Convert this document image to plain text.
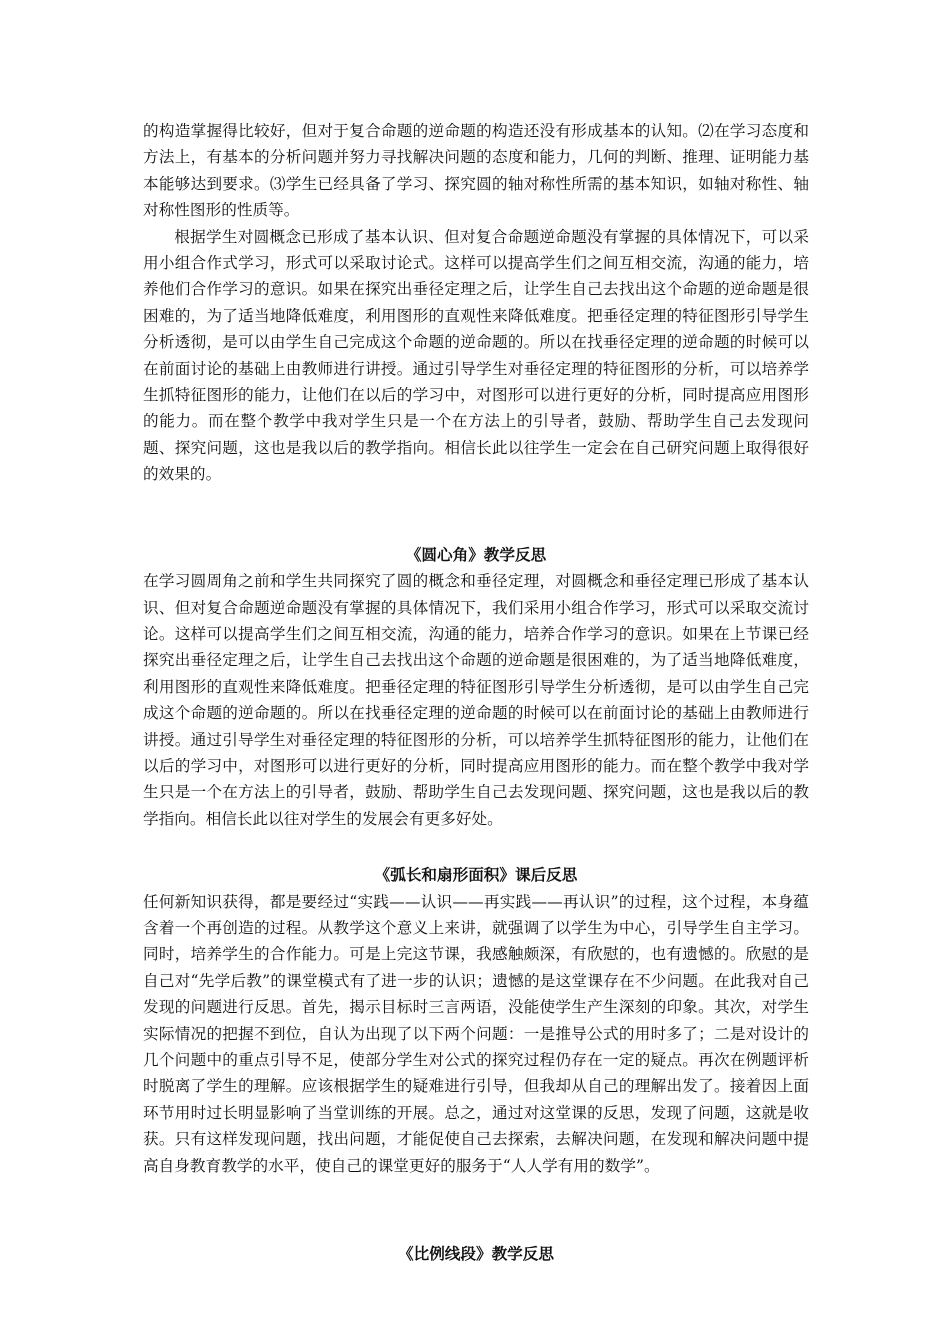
的构造掌握得比较好，但对于复合命题的逆命题的构造还没有形成基本的认知。⑵在学习态度和方法上，有基本的分析问题并努力寻找解决问题的态度和能力，几何的判断、推理、证明能力基本能够达到要求。⑶学生已经具备了学习、探究圆的轴对称性所需的基本知识，如轴对称性、轴对称性图形的性质等。

根据学生对圆概念已形成了基本认识、但对复合命题逆命题没有掌握的具体情况下，可以采用小组合作式学习，形式可以采取讨论式。这样可以提高学生们之间互相交流，沟通的能力，培养他们合作学习的意识。如果在探究出垂径定理之后，让学生自己去找出这个命题的逆命题是很困难的，为了适当地降低难度，利用图形的直观性来降低难度。把垂径定理的特征图形引导学生分析透彻，是可以由学生自己完成这个命题的逆命题的。所以在找垂径定理的逆命题的时候可以在前面讨论的基础上由教师进行讲授。通过引导学生对垂径定理的特征图形的分析，可以培养学生抓特征图形的能力，让他们在以后的学习中，对图形可以进行更好的分析，同时提高应用图形的能力。而在整个教学中我对学生只是一个在方法上的引导者，鼓励、帮助学生自己去发现问题、探究问题，这也是我以后的教学指向。相信长此以往学生一定会在自己研究问题上取得很好的效果的。

《圆心角》教学反思

在学习圆周角之前和学生共同探究了圆的概念和垂径定理，对圆概念和垂径定理已形成了基本认识、但对复合命题逆命题没有掌握的具体情况下，我们采用小组合作学习，形式可以采取交流讨论。这样可以提高学生们之间互相交流，沟通的能力，培养合作学习的意识。如果在上节课已经探究出垂径定理之后，让学生自己去找出这个命题的逆命题是很困难的，为了适当地降低难度，利用图形的直观性来降低难度。把垂径定理的特征图形引导学生分析透彻，是可以由学生自己完成这个命题的逆命题的。所以在找垂径定理的逆命题的时候可以在前面讨论的基础上由教师进行讲授。通过引导学生对垂径定理的特征图形的分析，可以培养学生抓特征图形的能力，让他们在以后的学习中，对图形可以进行更好的分析，同时提高应用图形的能力。而在整个教学中我对学生只是一个在方法上的引导者，鼓励、帮助学生自己去发现问题、探究问题，这也是我以后的教学指向。相信长此以往对学生的发展会有更多好处。

《弧长和扇形面积》课后反思

任何新知识获得，都是要经过“实践——认识——再实践——再认识”的过程，这个过程，本身蕴含着一个再创造的过程。从教学这个意义上来讲，就强调了以学生为中心，引导学生自主学习。同时，培养学生的合作能力。可是上完这节课，我感触颇深，有欣慰的，也有遗憾的。欣慰的是自己对“先学后教”的课堂模式有了进一步的认识；遗憾的是这堂课存在不少问题。在此我对自己发现的问题进行反思。首先，揭示目标时三言两语，没能使学生产生深刻的印象。其次，对学生实际情况的把握不到位，自认为出现了以下两个问题：一是推导公式的用时多了；二是对设计的几个问题中的重点引导不足，使部分学生对公式的探究过程仍存在一定的疑点。再次在例题评析时脱离了学生的理解。应该根据学生的疑难进行引导，但我却从自己的理解出发了。接着因上面环节用时过长明显影响了当堂训练的开展。总之，通过对这堂课的反思，发现了问题，这就是收获。只有这样发现问题，找出问题，才能促使自己去探索，去解决问题，在发现和解决问题中提高自身教育教学的水平，使自己的课堂更好的服务于“人人学有用的数学”。

《比例线段》教学反思
